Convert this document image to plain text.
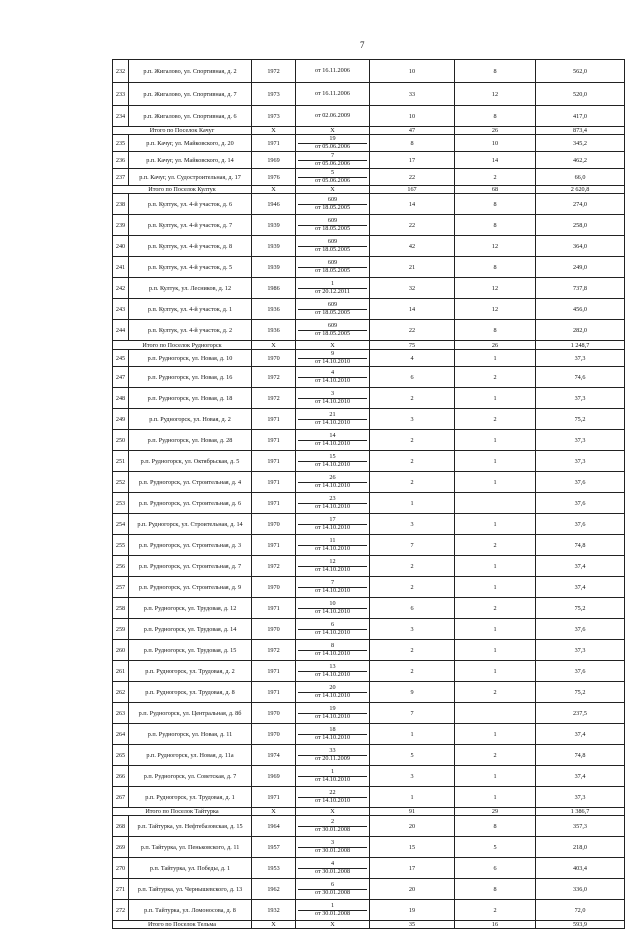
7
232	р.п. Жигалово, ул. Спортивная, д. 2	1972	от 16.11.2006	10	8	562,0
233	р.п. Жигалово, ул. Спортивная, д. 7	1973	от 16.11.2006	33	12	520,0
234	р.п. Жигалово, ул. Спортивная, д. 6	1973	от 02.06.2009	10	8	417,0
Итого по Поселок Качуг		X	X	47	26	873,4
235	р.п. Качуг, ул. Майковского, д. 20	1971	19
от 05.06.2006	8	10	345,2
236	р.п. Качуг, ул. Майковского, д. 14	1969	7
от 05.06.2006	17	14	462,2
237	р.п. Качуг, ул. Судостроительная, д. 17	1976	5
от 05.06.2006	22	2	66,0
Итого по Поселок Култук		X	X	167	68	2 620,8
238	р.п. Култук, ул. 4-й участок, д. 6	1946	609
от 18.05.2005	14	8	274,0
239	р.п. Култук, ул. 4-й участок, д. 7	1939	609
от 18.05.2005	22	8	258,0
240	р.п. Култук, ул. 4-й участок, д. 8	1939	609
от 18.05.2005	42	12	364,0
241	р.п. Култук, ул. 4-й участок, д. 5	1939	609
от 18.05.2005	21	8	249,0
242	р.п. Култук, ул. Лесников, д. 12	1986	1
от 20.12.2011	32	12	737,8
243	р.п. Култук, ул. 4-й участок, д. 1	1936	609
от 18.05.2005	14	12	456,0
244	р.п. Култук, ул. 4-й участок, д. 2	1936	609
от 18.05.2005	22	8	282,0
Итого по Поселок Рудногорск		X	X	75	26	1 248,7
245	р.п. Рудногорск, ул. Новая, д. 10	1970	9
от 14.10.2010	4	1	37,3
247	р.п. Рудногорск, ул. Новая, д. 16	1972	4
от 14.10.2010	6	2	74,6
248	р.п. Рудногорск, ул. Новая, д. 18	1972	3
от 14.10.2010	2	1	37,3
249	р.п. Рудногорск, ул. Новая, д. 2	1971	21
от 14.10.2010	3	2	75,2
250	р.п. Рудногорск, ул. Новая, д. 28	1971	14
от 14.10.2010	2	1	37,3
251	р.п. Рудногорск, ул. Октябрьская, д. 5	1971	15
от 14.10.2010	2	1	37,3
252	р.п. Рудногорск, ул. Строительная, д. 4	1971	26
от 14.10.2010	2	1	37,6
253	р.п. Рудногорск, ул. Строительная, д. 6	1971	23
от 14.10.2010	1		37,6
254	р.п. Рудногорск, ул. Строительная, д. 14	1970	17
от 14.10.2010	3	1	37,6
255	р.п. Рудногорск, ул. Строительная, д. 3	1971	11
от 14.10.2010	7	2	74,8
256	р.п. Рудногорск, ул. Строительная, д. 7	1972	12
от 14.10.2010	2	1	37,4
257	р.п. Рудногорск, ул. Строительная, д. 9	1970	7
от 14.10.2010	2	1	37,4
258	р.п. Рудногорск, ул. Трудовая, д. 12	1971	10
от 14.10.2010	6	2	75,2
259	р.п. Рудногорск, ул. Трудовая, д. 14	1970	6
от 14.10.2010	3	1	37,6
260	р.п. Рудногорск, ул. Трудовая, д. 15	1972	8
от 14.10.2010	2	1	37,3
261	р.п. Рудногорск, ул. Трудовая, д. 2	1971	13
от 14.10.2010	2	1	37,6
262	р.п. Рудногорск, ул. Трудовая, д. 8	1971	20
от 14.10.2010	9	2	75,2
263	р.п. Рудногорск, ул. Центральная, д. 8б	1970	19
от 14.10.2010	7		237,5
264	р.п. Рудногорск, ул. Новая, д. 11	1970	18
от 14.10.2010	1	1	37,4
265	р.п. Рудногорск, ул. Новая, д. 11а	1974	33
от 20.11.2009	5	2	74,8
266	р.п. Рудногорск, ул. Советская, д. 7	1969	1
от 14.10.2010	3	1	37,4
267	р.п. Рудногорск, ул. Трудовая, д. 1	1971	22
от 14.10.2010	1	1	37,3
Итого по Поселок Тайтурка		X	X	91	29	1 386,7
268	р.п. Тайтурка, ул. Нефтебазовская, д. 15	1964	2
от 30.01.2008	20	8	357,3
269	р.п. Тайтурка, ул. Пеньковского, д. 11	1957	3
от 30.01.2008	15	5	218,0
270	р.п. Тайтурка, ул. Победы, д. 1	1953	4
от 30.01.2008	17	6	403,4
271	р.п. Тайтурка, ул. Чернышевского, д. 13	1962	6
от 30.01.2008	20	8	336,0
272	р.п. Тайтурка, ул. Ломоносова, д. 8	1932	1
от 30.01.2008	19	2	72,0
Итого по Поселок Тельма		X	X	35	16	593,9
